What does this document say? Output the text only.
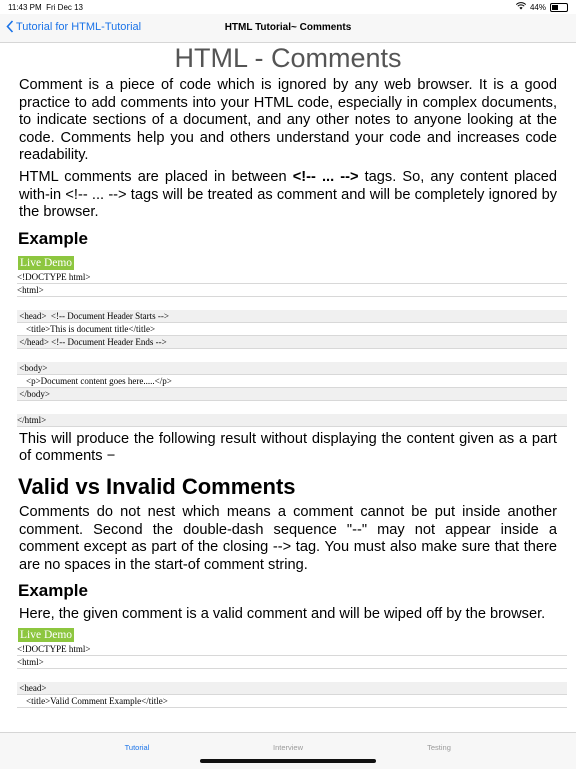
11:43 PM Fri Dec 13	44%
Tutorial for HTML-Tutorial	HTML Tutorial~ Comments
HTML - Comments
Comment is a piece of code which is ignored by any web browser. It is a good practice to add comments into your HTML code, especially in complex documents, to indicate sections of a document, and any other notes to anyone looking at the code. Comments help you and others understand your code and increases code readability.
HTML comments are placed in between <!-- ... --> tags. So, any content placed with-in <!-- ... --> tags will be treated as comment and will be completely ignored by the browser.
Example
Live Demo
<!DOCTYPE html>
<html>
<head>  <!-- Document Header Starts -->
<title>This is document title</title>
</head> <!-- Document Header Ends -->
<body>
<p>Document content goes here.....</p>
</body>
</html>
This will produce the following result without displaying the content given as a part of comments −
Valid vs Invalid Comments
Comments do not nest which means a comment cannot be put inside another comment. Second the double-dash sequence "--" may not appear inside a comment except as part of the closing --> tag. You must also make sure that there are no spaces in the start-of comment string.
Example
Here, the given comment is a valid comment and will be wiped off by the browser.
Live Demo
<!DOCTYPE html>
<html>
<head>
<title>Valid Comment Example</title>
Tutorial	Interview	Testing
